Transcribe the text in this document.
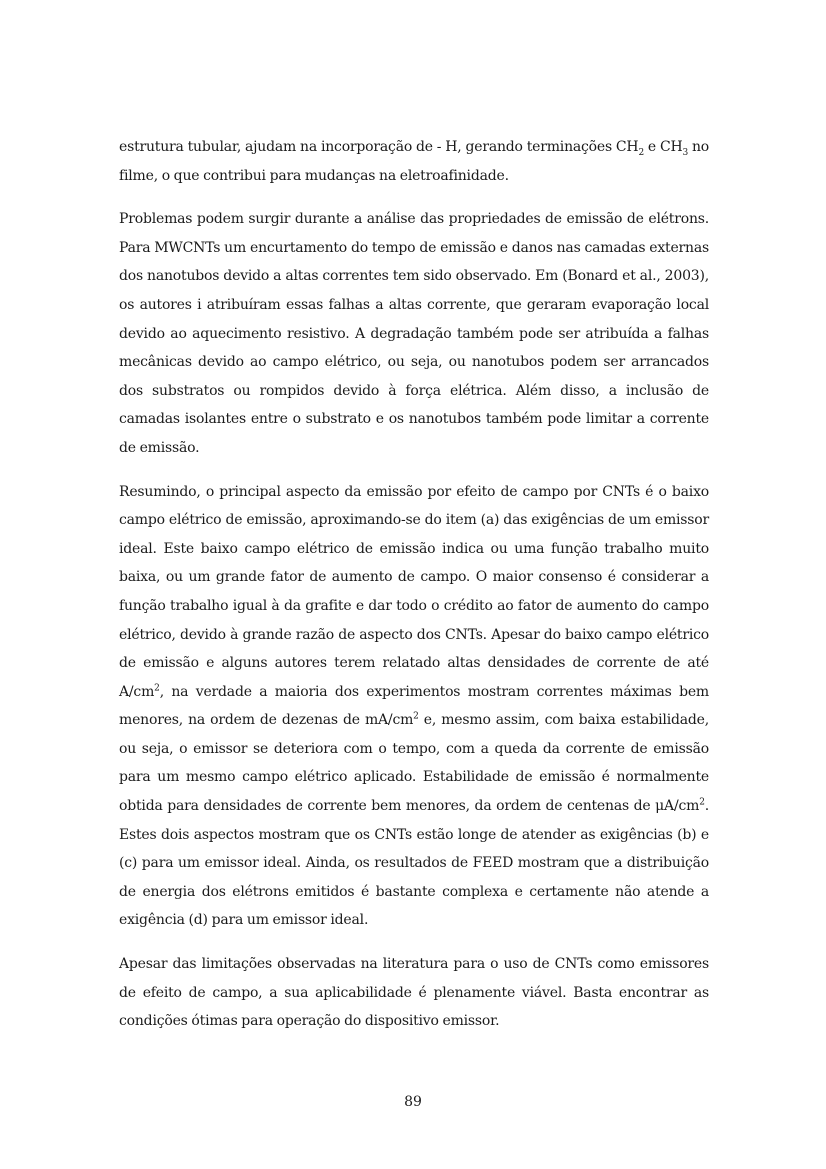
estrutura tubular, ajudam na incorporação de - H, gerando terminações $CH_2$ e $CH_3$ no filme, o que contribui para mudanças na eletroafinidade.

Problemas podem surgir durante a análise das propriedades de emissão de elétrons. Para MWCNTs um encurtamento do tempo de emissão e danos nas camadas externas dos nanotubos devido a altas correntes tem sido observado. Em (Bonard et al., 2003), os autores i atribuíram essas falhas a altas corrente, que geraram evaporação local devido ao aquecimento resistivo. A degradação também pode ser atribuída a falhas mecânicas devido ao campo elétrico, ou seja, ou nanotubos podem ser arrancados dos substratos ou rompidos devido à força elétrica. Além disso, a inclusão de camadas isolantes entre o substrato e os nanotubos também pode limitar a corrente de emissão.

Resumindo, o principal aspecto da emissão por efeito de campo por CNTs é o baixo campo elétrico de emissão, aproximando-se do item (a) das exigências de um emissor ideal. Este baixo campo elétrico de emissão indica ou uma função trabalho muito baixa, ou um grande fator de aumento de campo. O maior consenso é considerar a função trabalho igual à da grafite e dar todo o crédito ao fator de aumento do campo elétrico, devido à grande razão de aspecto dos CNTs. Apesar do baixo campo elétrico de emissão e alguns autores terem relatado altas densidades de corrente de até $A/cm^2$, na verdade a maioria dos experimentos mostram correntes máximas bem menores, na ordem de dezenas de $mA/cm^2$ e, mesmo assim, com baixa estabilidade, ou seja, o emissor se deteriora com o tempo, com a queda da corrente de emissão para um mesmo campo elétrico aplicado. Estabilidade de emissão é normalmente obtida para densidades de corrente bem menores, da ordem de centenas de $\mu A/cm^2$. Estes dois aspectos mostram que os CNTs estão longe de atender as exigências (b) e (c) para um emissor ideal. Ainda, os resultados de FEED mostram que a distribuição de energia dos elétrons emitidos é bastante complexa e certamente não atende a exigência (d) para um emissor ideal.

Apesar das limitações observadas na literatura para o uso de CNTs como emissores de efeito de campo, a sua aplicabilidade é plenamente viável. Basta encontrar as condições ótimas para operação do dispositivo emissor.

89
